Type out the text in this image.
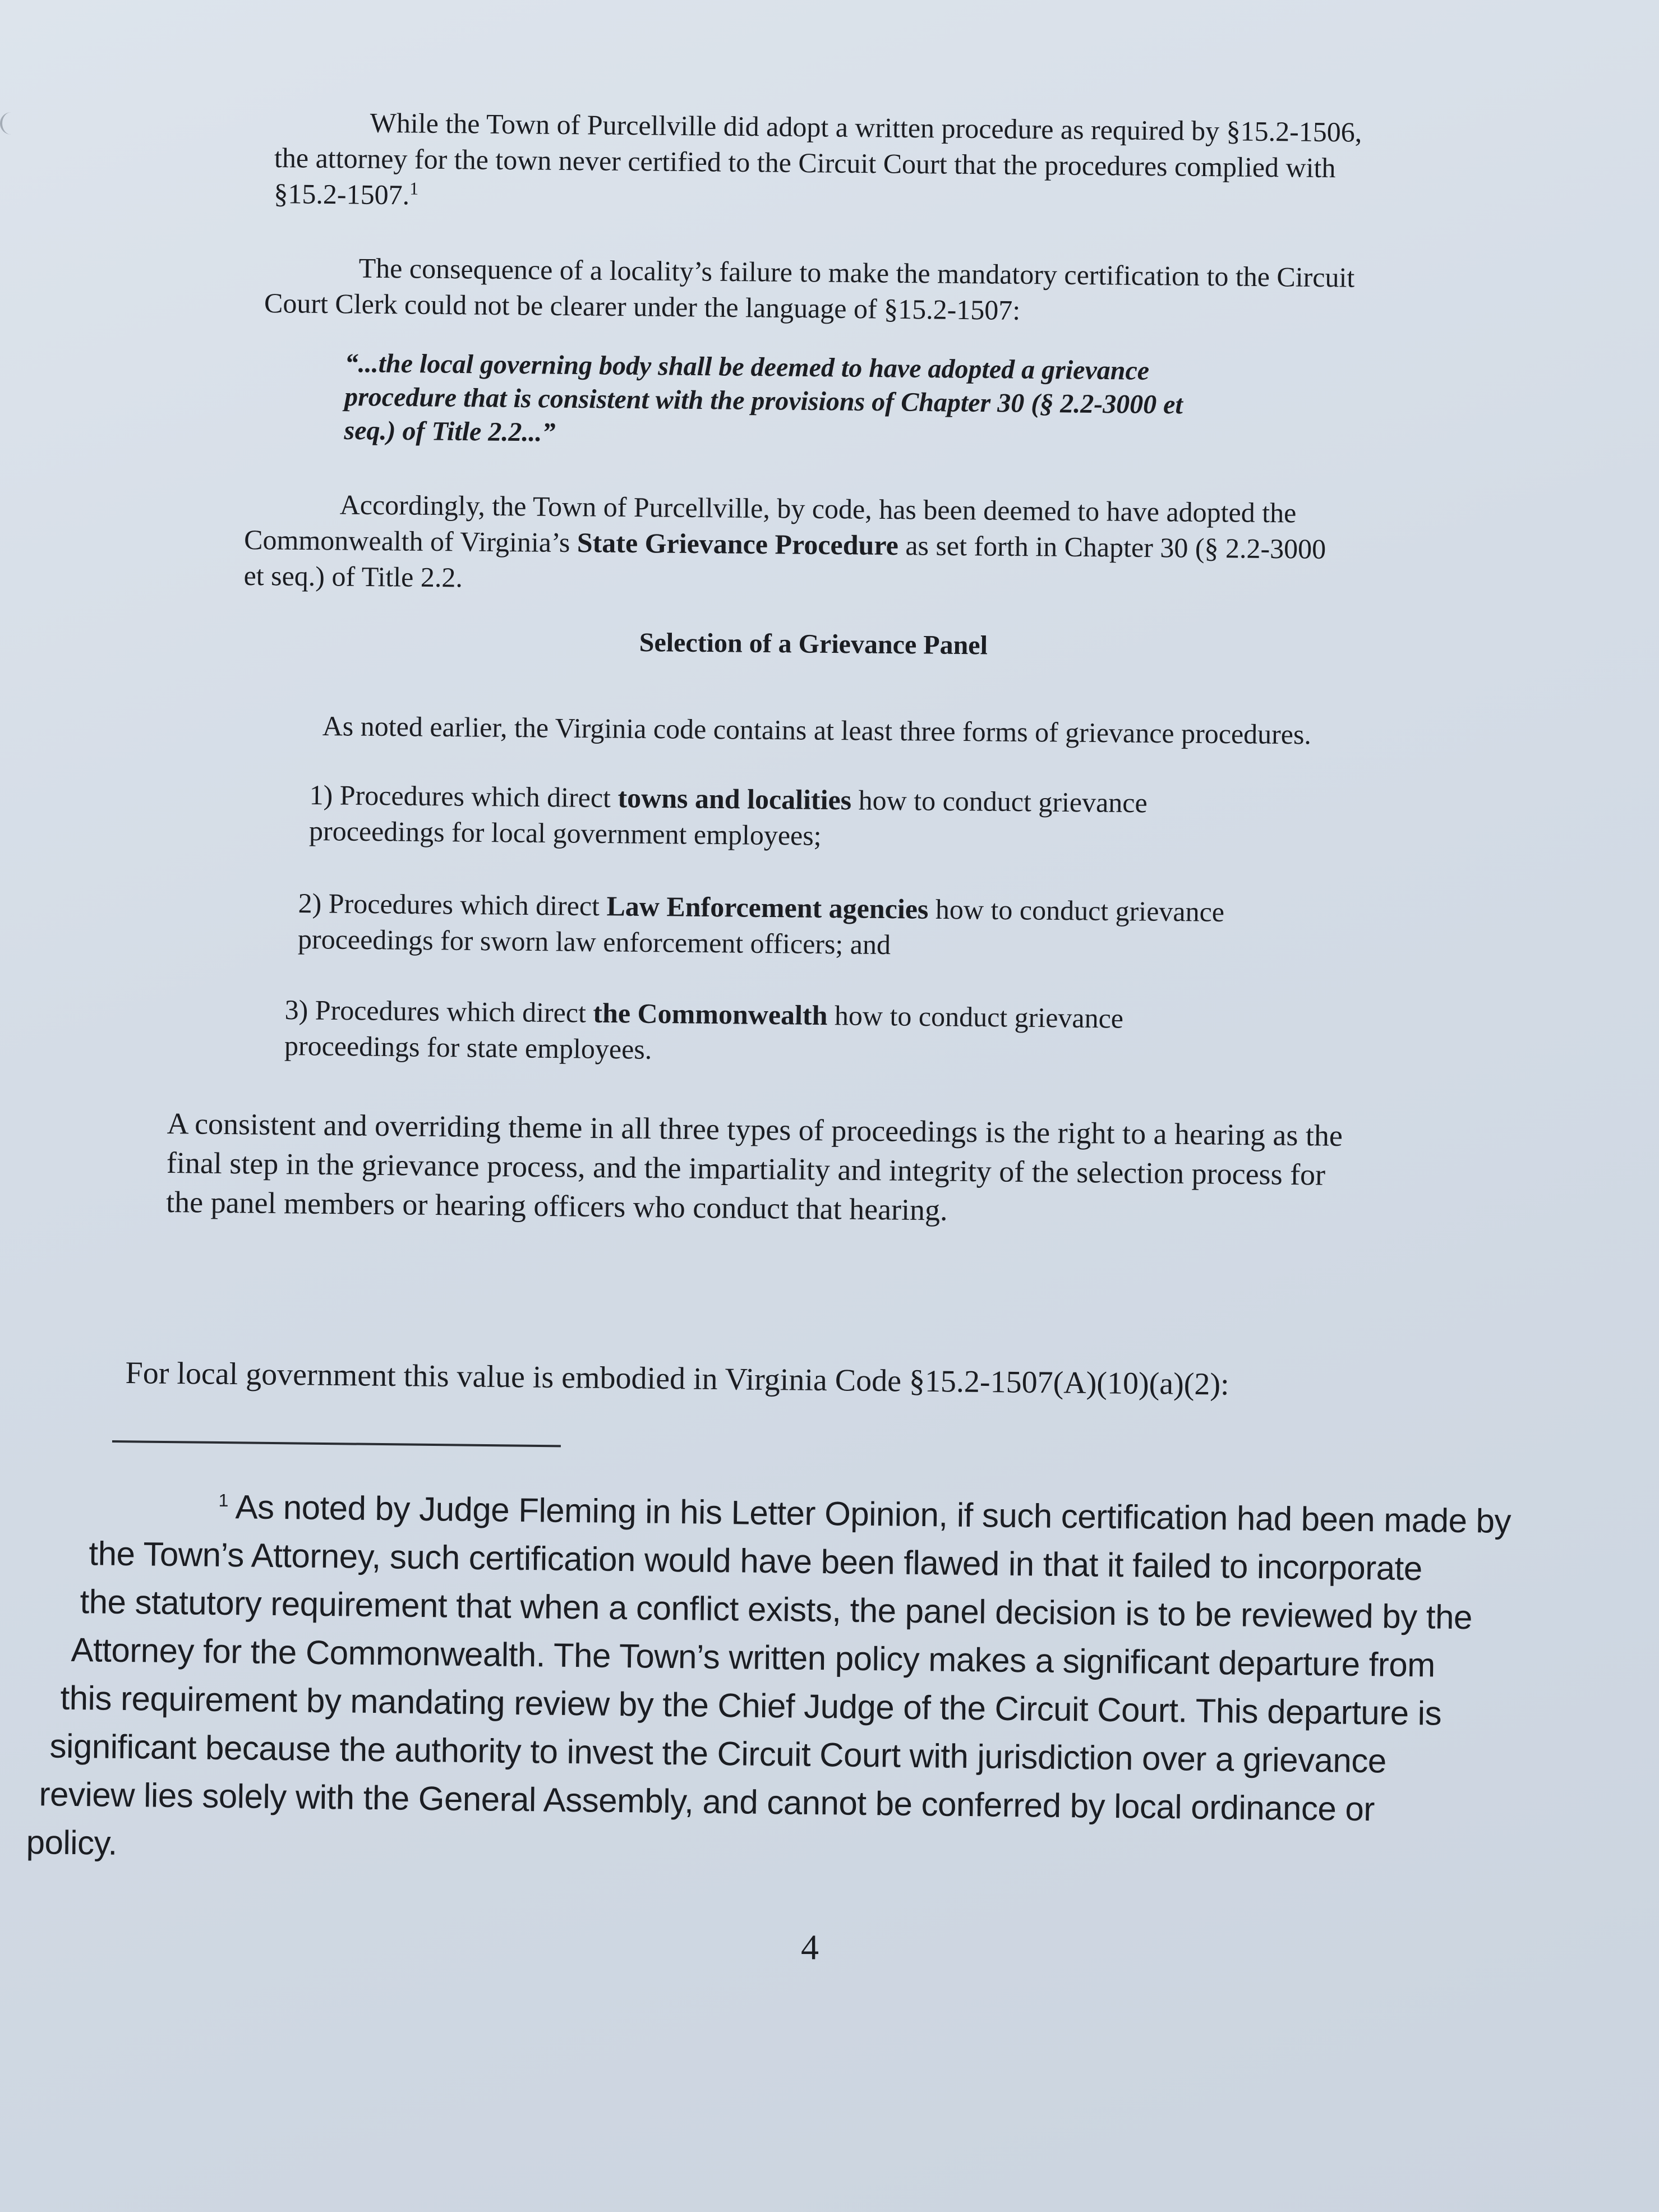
While the Town of Purcellville did adopt a written procedure as required by §15.2-1506,
the attorney for the town never certified to the Circuit Court that the procedures complied with
§15.2-1507.$^1$
The consequence of a locality’s failure to make the mandatory certification to the Circuit
Court Clerk could not be clearer under the language of §15.2-1507:
“...the local governing body shall be deemed to have adopted a grievance
procedure that is consistent with the provisions of Chapter 30 (§ 2.2-3000 et
seq.) of Title 2.2...”
Accordingly, the Town of Purcellville, by code, has been deemed to have adopted the
Commonwealth of Virginia’s State Grievance Procedure as set forth in Chapter 30 (§ 2.2-3000
et seq.) of Title 2.2.
Selection of a Grievance Panel
As noted earlier, the Virginia code contains at least three forms of grievance procedures.
1) Procedures which direct towns and localities how to conduct grievance
proceedings for local government employees;
2) Procedures which direct Law Enforcement agencies how to conduct grievance
proceedings for sworn law enforcement officers; and
3) Procedures which direct the Commonwealth how to conduct grievance
proceedings for state employees.
A consistent and overriding theme in all three types of proceedings is the right to a hearing as the
final step in the grievance process, and the impartiality and integrity of the selection process for
the panel members or hearing officers who conduct that hearing.
For local government this value is embodied in Virginia Code §15.2-1507(A)(10)(a)(2):
$^1$ As noted by Judge Fleming in his Letter Opinion, if such certification had been made by
the Town’s Attorney, such certification would have been flawed in that it failed to incorporate
the statutory requirement that when a conflict exists, the panel decision is to be reviewed by the
Attorney for the Commonwealth. The Town’s written policy makes a significant departure from
this requirement by mandating review by the Chief Judge of the Circuit Court. This departure is
significant because the authority to invest the Circuit Court with jurisdiction over a grievance
review lies solely with the General Assembly, and cannot be conferred by local ordinance or
policy.
4
